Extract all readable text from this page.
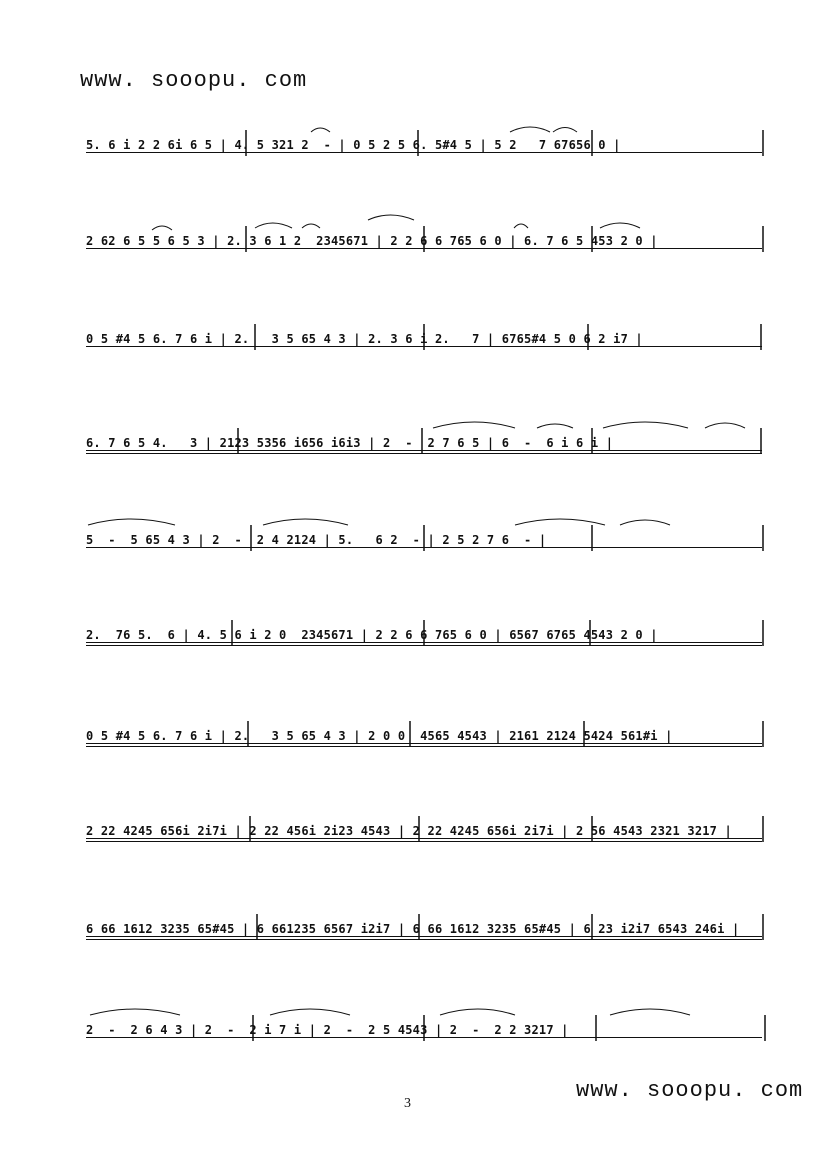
www. sooopu. com

5. 6 i 2 2 6i 6 5 | 4. 5 321 2  - | 0 5 2 5 6. 5#4 5 | 5 2   7 67656 0 |

2 62 6 5 5 6 5 3 | 2. 3 6 1 2  2345671 | 2 2 6 6 765 6 0 | 6. 7 6 5 453 2 0 |

0 5 #4 5 6. 7 6 i | 2.   3 5 65 4 3 | 2. 3 6 i 2.   7 | 6765#4 5 0 6 2 i7 |

6. 7 6 5 4.   3 | 2123 5356 i656 i6i3 | 2  -  2 7 6 5 | 6  -  6 i 6 i |

5  -  5 65 4 3 | 2  -  2 4 2124 | 5.   6 2  - | 2 5 2 7 6  - |

2.  76 5.  6 | 4. 5 6 i 2 0  2345671 | 2 2 6 6 765 6 0 | 6567 6765 4543 2 0 |

0 5 #4 5 6. 7 6 i | 2.   3 5 65 4 3 | 2 0 0  4565 4543 | 2161 2124 5424 561#i |

2 22 4245 656i 2i7i | 2 22 456i 2i23 4543 | 2 22 4245 656i 2i7i | 2 56 4543 2321 3217 |

6 66 1612 3235 65#45 | 6 661235 6567 i2i7 | 6 66 1612 3235 65#45 | 6 23 i2i7 6543 246i |

2  -  2 6 4 3 | 2  -  2 i 7 i | 2  -  2 5 4543 | 2  -  2 2 3217 |

www. sooopu. com
3
